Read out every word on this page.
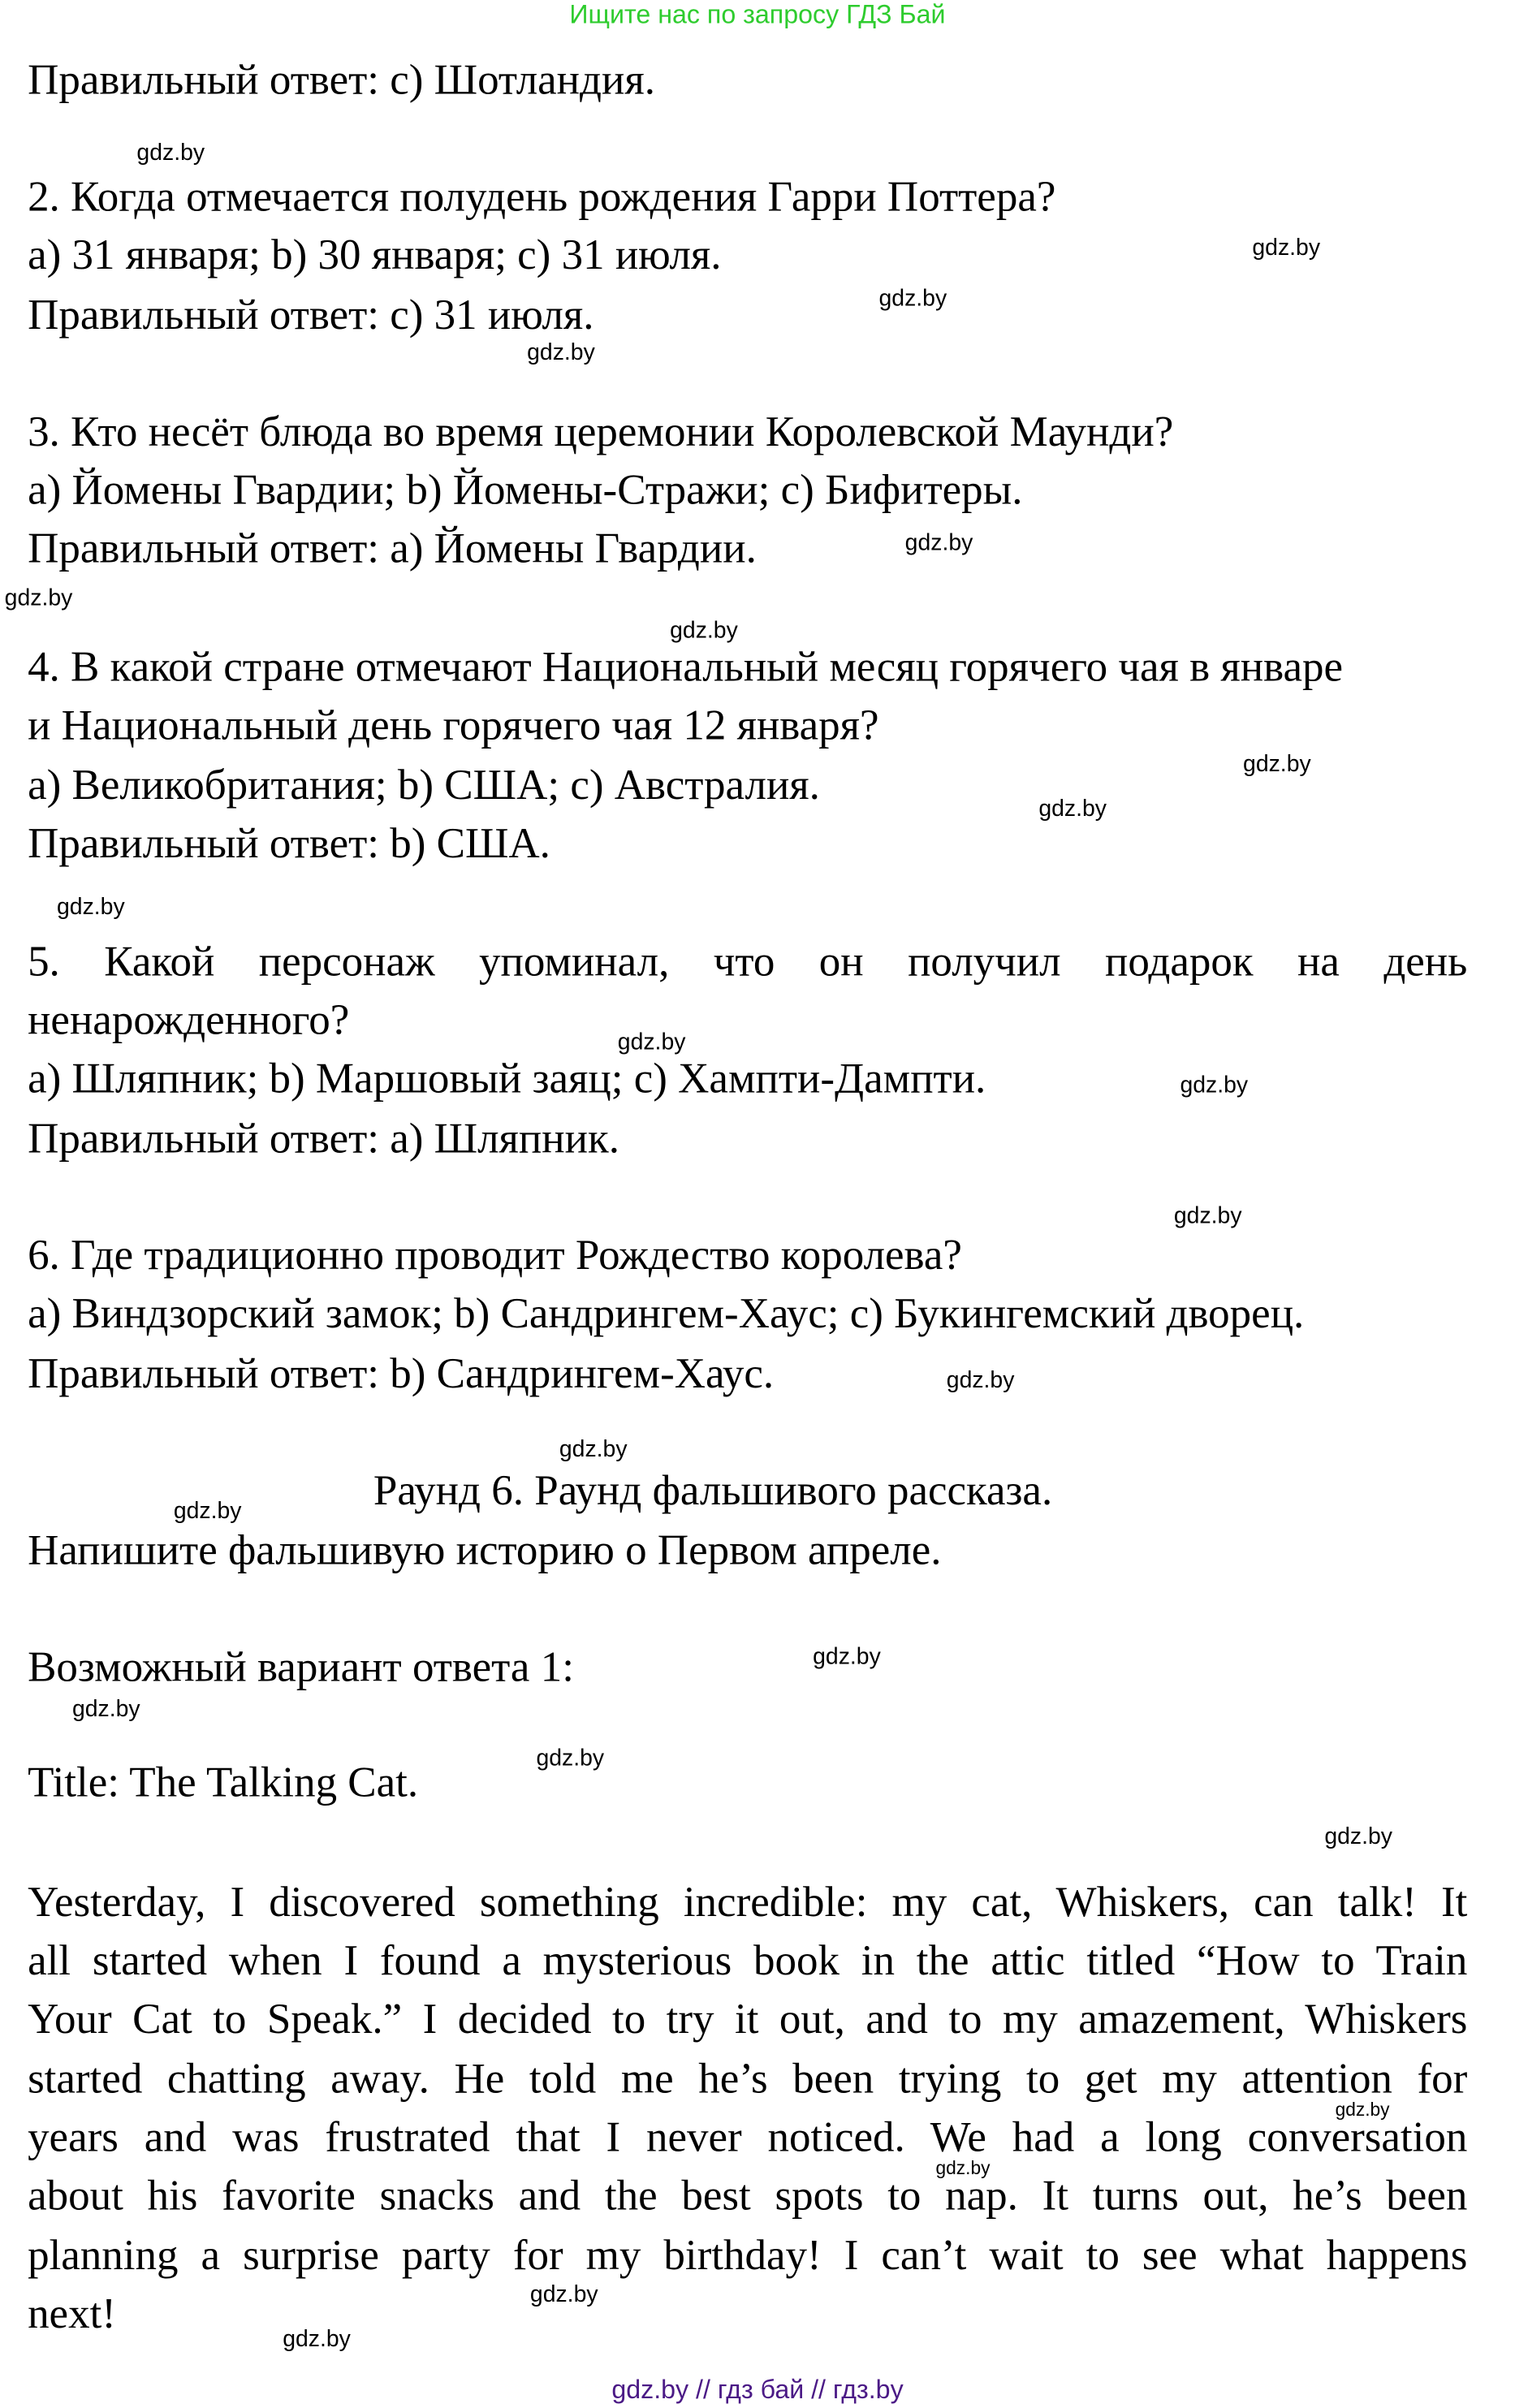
Ищите нас по запросу ГДЗ Бай
Правильный ответ: c) Шотландия.
2. Когда отмечается полудень рождения Гарри Поттера?
a) 31 января; b) 30 января; c) 31 июля.
Правильный ответ: c) 31 июля.
3. Кто несёт блюда во время церемонии Королевской Маунди?
a) Йомены Гвардии; b) Йомены-Стражи; c) Бифитеры.
Правильный ответ: a) Йомены Гвардии.
4. В какой стране отмечают Национальный месяц горячего чая в январе
и Национальный день горячего чая 12 января?
a) Великобритания; b) США; c) Австралия.
Правильный ответ: b) США.
5. Какой персонаж упоминал, что он получил подарок на день
ненарожденного?
a) Шляпник; b) Маршовый заяц; c) Хампти-Дампти.
Правильный ответ: a) Шляпник.
6. Где традиционно проводит Рождество королева?
a) Виндзорский замок; b) Сандрингем-Хаус; c) Букингемский дворец.
Правильный ответ: b) Сандрингем-Хаус.
Раунд 6. Раунд фальшивого рассказа.
Напишите фальшивую историю о Первом апреле.
Возможный вариант ответа 1:
Title: The Talking Cat.
Yesterday, I discovered something incredible: my cat, Whiskers, can talk! It
all started when I found a mysterious book in the attic titled “How to Train
Your Cat to Speak.” I decided to try it out, and to my amazement, Whiskers
started chatting away. He told me he’s been trying to get my attention for
years and was frustrated that I never noticed. We had a long conversation
about his favorite snacks and the best spots to nap. It turns out, he’s been
planning a surprise party for my birthday! I can’t wait to see what happens
next!
gdz.by
gdz.by
gdz.by
gdz.by
gdz.by
gdz.by
gdz.by
gdz.by
gdz.by
gdz.by
gdz.by
gdz.by
gdz.by
gdz.by
gdz.by
gdz.by
gdz.by
gdz.by
gdz.by
gdz.by
gdz.by
gdz.by
gdz.by
gdz.by
gdz.by // гдз бай // гдз.by
